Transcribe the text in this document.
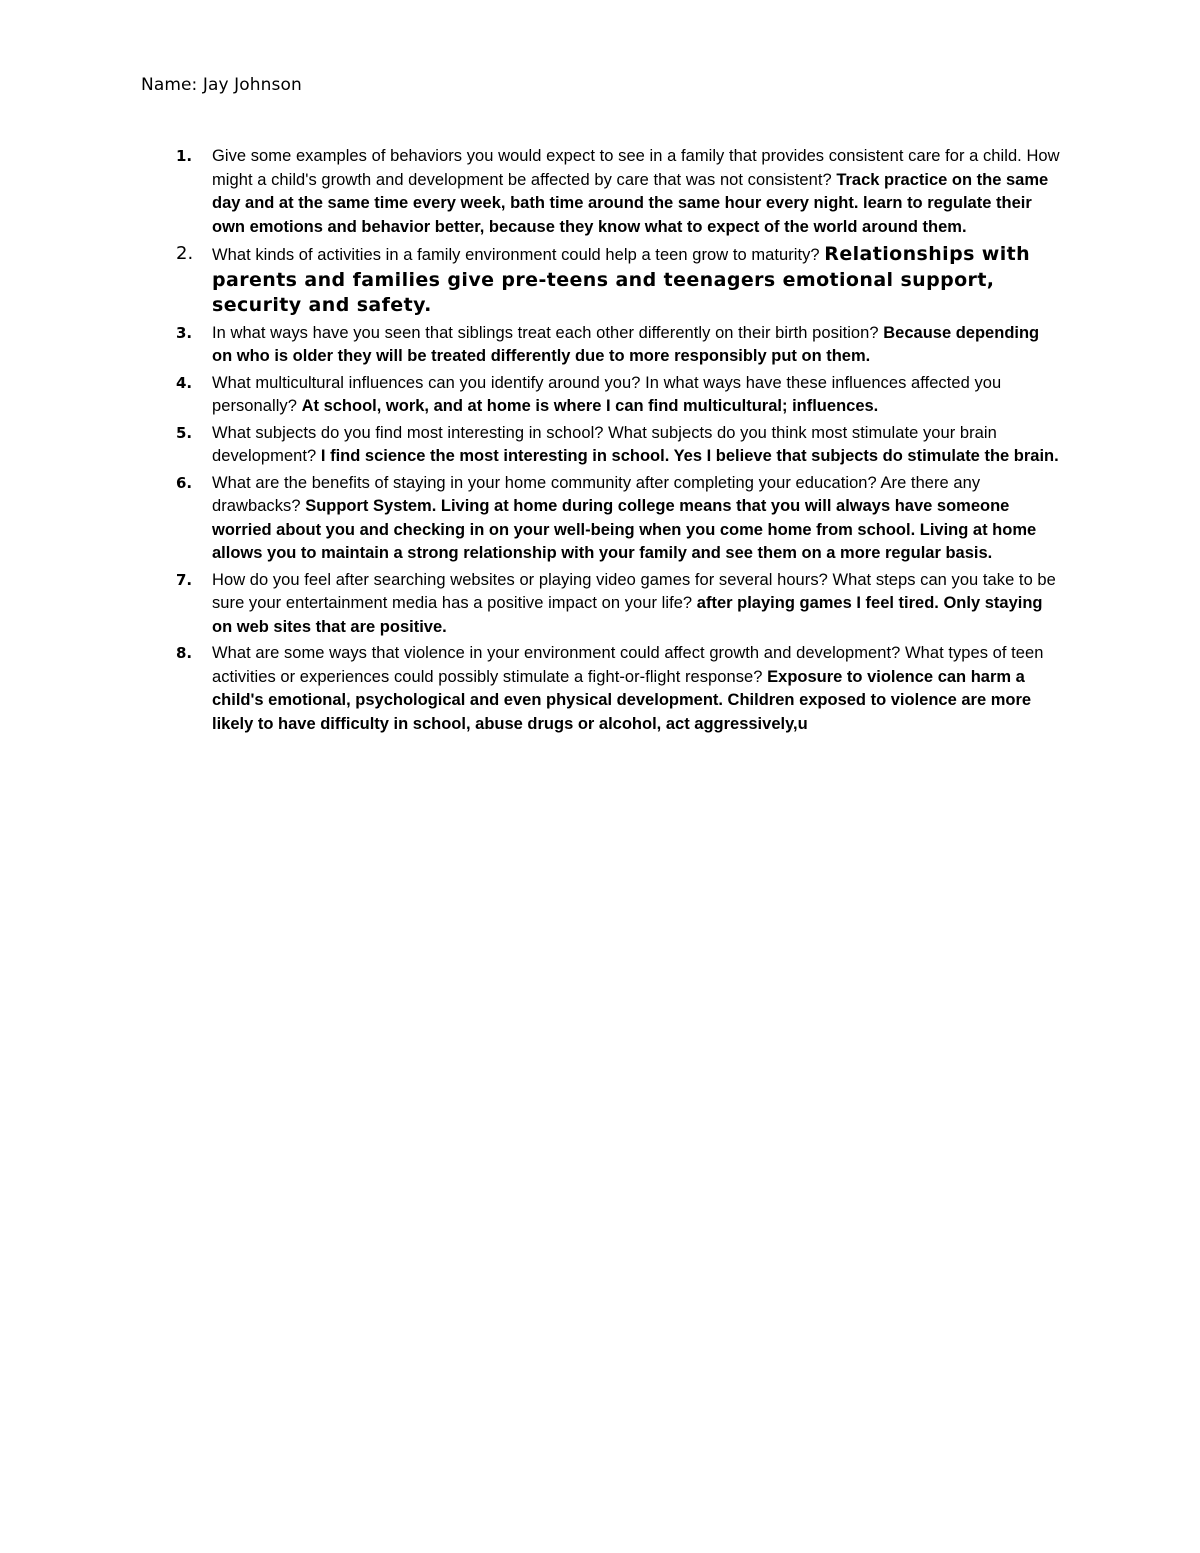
Name: Jay Johnson
1. Give some examples of behaviors you would expect to see in a family that provides consistent care for a child. How might a child's growth and development be affected by care that was not consistent? Track practice on the same day and at the same time every week, bath time around the same hour every night. learn to regulate their own emotions and behavior better, because they know what to expect of the world around them.
2. What kinds of activities in a family environment could help a teen grow to maturity? Relationships with parents and families give pre-teens and teenagers emotional support, security and safety.
3. In what ways have you seen that siblings treat each other differently on their birth position? Because depending on who is older they will be treated differently due to more responsibly put on them.
4. What multicultural influences can you identify around you? In what ways have these influences affected you personally? At school, work, and at home is where I can find multicultural; influences.
5. What subjects do you find most interesting in school? What subjects do you think most stimulate your brain development? I find science the most interesting in school. Yes I believe that subjects do stimulate the brain.
6. What are the benefits of staying in your home community after completing your education? Are there any drawbacks? Support System. Living at home during college means that you will always have someone worried about you and checking in on your well-being when you come home from school. Living at home allows you to maintain a strong relationship with your family and see them on a more regular basis.
7. How do you feel after searching websites or playing video games for several hours? What steps can you take to be sure your entertainment media has a positive impact on your life? after playing games I feel tired. Only staying on web sites that are positive.
8. What are some ways that violence in your environment could affect growth and development? What types of teen activities or experiences could possibly stimulate a fight-or-flight response? Exposure to violence can harm a child's emotional, psychological and even physical development. Children exposed to violence are more likely to have difficulty in school, abuse drugs or alcohol, act aggressively,u
